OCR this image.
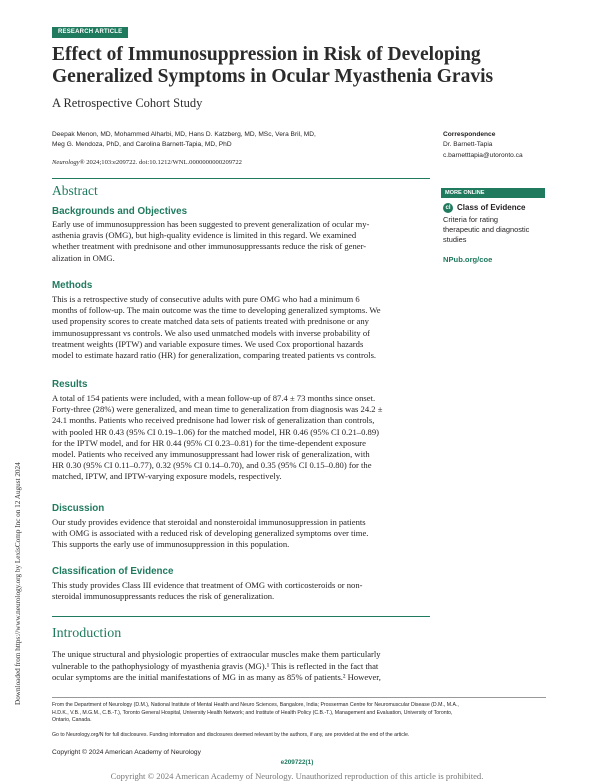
RESEARCH ARTICLE
Effect of Immunosuppression in Risk of Developing
Generalized Symptoms in Ocular Myasthenia Gravis
A Retrospective Cohort Study
Deepak Menon, MD, Mohammed Alharbi, MD, Hans D. Katzberg, MD, MSc, Vera Bril, MD,
Meg G. Mendoza, PhD, and Carolina Barnett-Tapia, MD, PhD
Neurology® 2024;103:e209722. doi:10.1212/WNL.0000000000209722
Correspondence
Dr. Barnett-Tapia
c.barnetttapia@utoronto.ca
MORE ONLINE
cl Class of Evidence
Criteria for rating
therapeutic and diagnostic
studies
NPub.org/coe
Abstract
Backgrounds and Objectives
Early use of immunosuppression has been suggested to prevent generalization of ocular my-
asthenia gravis (OMG), but high-quality evidence is limited in this regard. We examined
whether treatment with prednisone and other immunosuppressants reduce the risk of gener-
alization in OMG.
Methods
This is a retrospective study of consecutive adults with pure OMG who had a minimum 6
months of follow-up. The main outcome was the time to developing generalized symptoms. We
used propensity scores to create matched data sets of patients treated with prednisone or any
immunosuppressant vs controls. We also used unmatched models with inverse probability of
treatment weights (IPTW) and variable exposure times. We used Cox proportional hazards
model to estimate hazard ratio (HR) for generalization, comparing treated patients vs controls.
Results
A total of 154 patients were included, with a mean follow-up of 87.4 ± 73 months since onset.
Forty-three (28%) were generalized, and mean time to generalization from diagnosis was 24.2 ±
24.1 months. Patients who received prednisone had lower risk of generalization than controls,
with pooled HR 0.43 (95% CI 0.19–1.06) for the matched model, HR 0.46 (95% CI 0.21–0.89)
for the IPTW model, and for HR 0.44 (95% CI 0.23–0.81) for the time-dependent exposure
model. Patients who received any immunosuppressant had lower risk of generalization, with
HR 0.30 (95% CI 0.11–0.77), 0.32 (95% CI 0.14–0.70), and 0.35 (95% CI 0.15–0.80) for the
matched, IPTW, and IPTW-varying exposure models, respectively.
Discussion
Our study provides evidence that steroidal and nonsteroidal immunosuppression in patients
with OMG is associated with a reduced risk of developing generalized symptoms over time.
This supports the early use of immunosuppression in this population.
Classification of Evidence
This study provides Class III evidence that treatment of OMG with corticosteroids or non-
steroidal immunosuppressants reduces the risk of generalization.
Introduction
The unique structural and physiologic properties of extraocular muscles make them particularly
vulnerable to the pathophysiology of myasthenia gravis (MG).¹ This is reflected in the fact that
ocular symptoms are the initial manifestations of MG in as many as 85% of patients.² However,
From the Department of Neurology (D.M.), National Institute of Mental Health and Neuro Sciences, Bangalore, India; Prosserman Centre for Neuromuscular Disease (D.M., M.A.,
H.D.K., V.B., M.G.M., C.B.-T.), Toronto General Hospital, University Health Network; and Institute of Health Policy (C.B.-T.), Management and Evaluation, University of Toronto,
Ontario, Canada.
Go to Neurology.org/N for full disclosures. Funding information and disclosures deemed relevant by the authors, if any, are provided at the end of the article.
Copyright © 2024 American Academy of Neurology
e209722(1)
Copyright © 2024 American Academy of Neurology. Unauthorized reproduction of this article is prohibited.
Downloaded from https://www.neurology.org by LexisComp Inc on 12 August 2024
